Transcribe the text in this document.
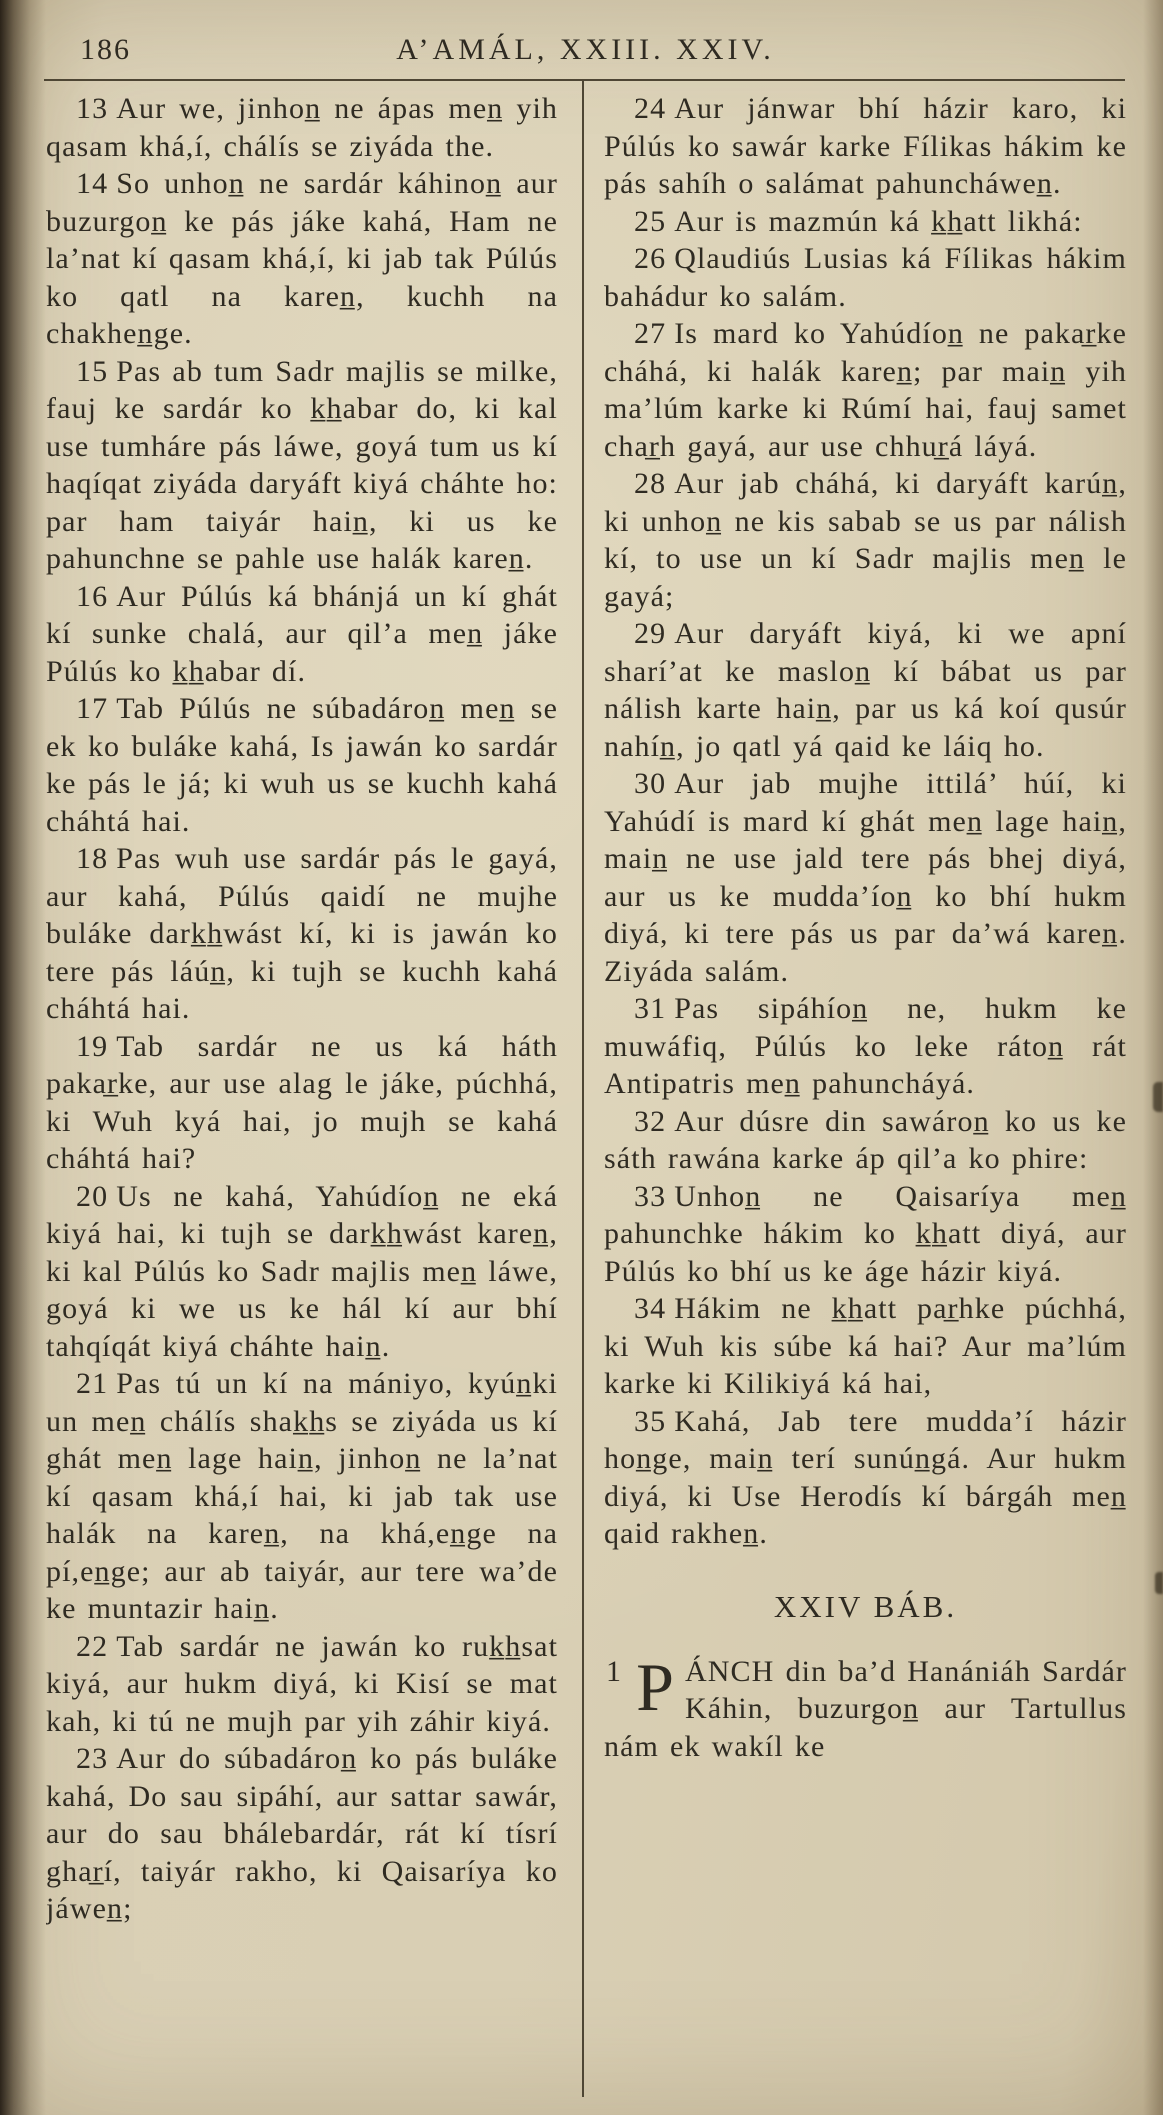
186	A’AMÁL, XXIII. XXIV.

13 Aur we, jinhon̲ ne ápas men̲ yih qasam khá,í, chálís se ziyáda the.

14 So unhon̲ ne sardár káhinon̲ aur buzurgon̲ ke pás jáke kahá, Ham ne la’nat kí qasam khá,í, ki jab tak Púlús ko qatl na karen̲, kuchh na chakhen̲ge.

15 Pas ab tum Sadr majlis se milke, fauj ke sardár ko k̲h̲abar do, ki kal use tumháre pás láwe, goyá tum us kí haqíqat ziyáda daryáft kiyá cháhte ho: par ham taiyár hain̲, ki us ke pahunchne se pahle use halák karen̲.

16 Aur Púlús ká bhánjá un kí ghát kí sunke chalá, aur qil’a men̲ jáke Púlús ko k̲h̲abar dí.

17 Tab Púlús ne súbadáron̲ men̲ se ek ko buláke kahá, Is jawán ko sardár ke pás le já; ki wuh us se kuchh kahá cháhtá hai.

18 Pas wuh use sardár pás le gayá, aur kahá, Púlús qaidí ne mujhe buláke dark̲h̲wást kí, ki is jawán ko tere pás láún̲, ki tujh se kuchh kahá cháhtá hai.

19 Tab sardár ne us ká háth pakar̲ke, aur use alag le jáke, púchhá, ki Wuh kyá hai, jo mujh se kahá cháhtá hai?

20 Us ne kahá, Yahúdíon̲ ne eká kiyá hai, ki tujh se dark̲h̲wást karen̲, ki kal Púlús ko Sadr majlis men̲ láwe, goyá ki we us ke hál kí aur bhí tahqíqát kiyá cháhte hain̲.

21 Pas tú un kí na mániyo, kyún̲ki un men̲ chálís shak̲h̲s se ziyáda us kí ghát men̲ lage hain̲, jinhon̲ ne la’nat kí qasam khá,í hai, ki jab tak use halák na karen̲, na khá,en̲ge na pí,en̲ge; aur ab taiyár, aur tere wa’de ke muntazir hain̲.

22 Tab sardár ne jawán ko ruk̲h̲sat kiyá, aur hukm diyá, ki Kisí se mat kah, ki tú ne mujh par yih záhir kiyá.

23 Aur do súbadáron̲ ko pás buláke kahá, Do sau sipáhí, aur sattar sawár, aur do sau bhálebardár, rát kí tísrí ghar̲í, taiyár rakho, ki Qaisaríya ko jáwen̲;

24 Aur jánwar bhí házir karo, ki Púlús ko sawár karke Fílikas hákim ke pás sahíh o salámat pahuncháwen̲.

25 Aur is mazmún ká k̲h̲att likhá:

26 Qlaudiús Lusias ká Fílikas hákim bahádur ko salám.

27 Is mard ko Yahúdíon̲ ne pakar̲ke cháhá, ki halák karen̲; par main̲ yih ma’lúm karke ki Rúmí hai, fauj samet char̲h gayá, aur use chhur̲á láyá.

28 Aur jab cháhá, ki daryáft karún̲, ki unhon̲ ne kis sabab se us par nálish kí, to use un kí Sadr majlis men̲ le gayá;

29 Aur daryáft kiyá, ki we apní sharí’at ke maslon̲ kí bábat us par nálish karte hain̲, par us ká koí qusúr nahín̲, jo qatl yá qaid ke láiq ho.

30 Aur jab mujhe ittilá’ húí, ki Yahúdí is mard kí ghát men̲ lage hain̲, main̲ ne use jald tere pás bhej diyá, aur us ke mudda’íon̲ ko bhí hukm diyá, ki tere pás us par da’wá karen̲. Ziyáda salám.

31 Pas sipáhíon̲ ne, hukm ke muwáfiq, Púlús ko leke ráton̲ rát Antipatris men̲ pahuncháyá.

32 Aur dúsre din sawáron̲ ko us ke sáth rawána karke áp qil’a ko phire:

33 Unhon̲ ne Qaisaríya men̲ pahunchke hákim ko k̲h̲att diyá, aur Púlús ko bhí us ke áge házir kiyá.

34 Hákim ne k̲h̲att par̲hke púchhá, ki Wuh kis súbe ká hai? Aur ma’lúm karke ki Kilikiyá ká hai,

35 Kahá, Jab tere mudda’í házir hon̲ge, main̲ terí sunún̲gá. Aur hukm diyá, ki Use Herodís kí bárgáh men̲ qaid rakhen̲.

XXIV BÁB.

1 P ÁNCH din ba’d Hanániáh Sardár Káhin, buzurgon̲ aur Tartullus nám ek wakíl ke
